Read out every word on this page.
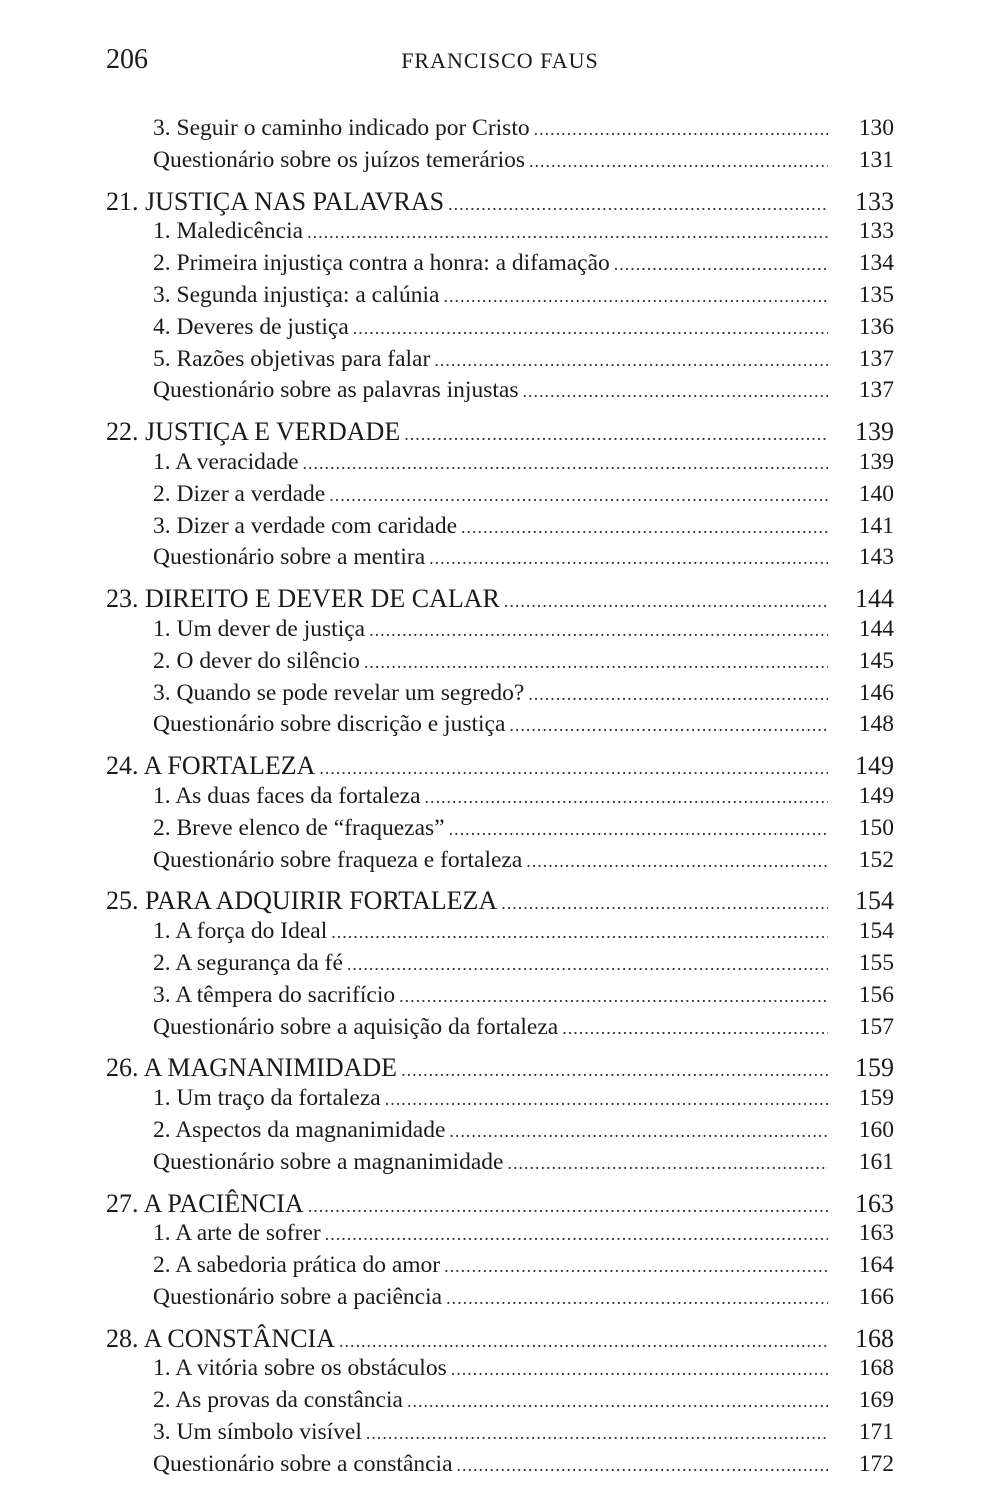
206	FRANCISCO FAUS
3. Seguir o caminho indicado por Cristo .....	130
Questionário sobre os juízos temerários .....	131
21. JUSTIÇA NAS PALAVRAS .....	133
1. Maledicência .....	133
2. Primeira injustiça contra a honra: a difamação .....	134
3. Segunda injustiça: a calúnia .....	135
4. Deveres de justiça .....	136
5. Razões objetivas para falar .....	137
Questionário sobre as palavras injustas .....	137
22. JUSTIÇA E VERDADE .....	139
1. A veracidade .....	139
2. Dizer a verdade .....	140
3. Dizer a verdade com caridade .....	141
Questionário sobre a mentira .....	143
23. DIREITO E DEVER DE CALAR .....	144
1. Um dever de justiça .....	144
2. O dever do silêncio .....	145
3. Quando se pode revelar um segredo? .....	146
Questionário sobre discrição e justiça .....	148
24. A FORTALEZA .....	149
1. As duas faces da fortaleza .....	149
2. Breve elenco de “fraquezas” .....	150
Questionário sobre fraqueza e fortaleza .....	152
25. PARA ADQUIRIR FORTALEZA .....	154
1. A força do Ideal .....	154
2. A segurança da fé .....	155
3. A têmpera do sacrifício .....	156
Questionário sobre a aquisição da fortaleza .....	157
26. A MAGNANIMIDADE .....	159
1. Um traço da fortaleza .....	159
2. Aspectos da magnanimidade .....	160
Questionário sobre a magnanimidade .....	161
27. A PACIÊNCIA .....	163
1. A arte de sofrer .....	163
2. A sabedoria prática do amor .....	164
Questionário sobre a paciência .....	166
28. A CONSTÂNCIA .....	168
1. A vitória sobre os obstáculos .....	168
2. As provas da constância .....	169
3. Um símbolo visível .....	171
Questionário sobre a constância .....	172
